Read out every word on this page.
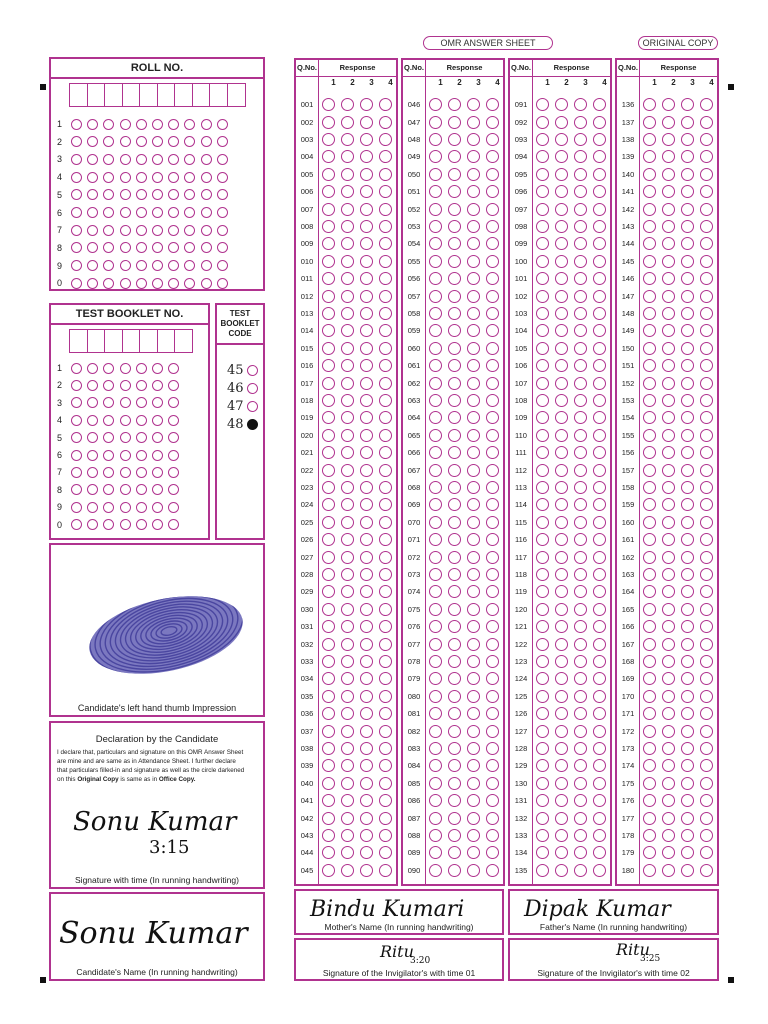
OMR ANSWER SHEET	ORIGINAL COPY
ROLL NO.
1
2
3
4
5
6
7
8
9
0
TEST BOOKLET NO.
1
2
3
4
5
6
7
8
9
0
TEST
BOOKLET
CODE
45
46
47
48
Candidate's left hand thumb Impression
Declaration by the Candidate
I declare that, particulars and signature on this OMR Answer Sheet
are mine and are same as in Attendance Sheet. I further declare
that particulars filled-in and signature as well as the circle darkened
on this Original Copy is same as in Office Copy.
Sonu Kumar
3:15
Signature with time (In running handwriting)
Sonu Kumar
Candidate's Name (In running handwriting)
Q.No.	Response
1	2	3	4
001
002
003
004
005
006
007
008
009
010
011
012
013
014
015
016
017
018
019
020
021
022
023
024
025
026
027
028
029
030
031
032
033
034
035
036
037
038
039
040
041
042
043
044
045
Q.No.	Response
1	2	3	4
046
047
048
049
050
051
052
053
054
055
056
057
058
059
060
061
062
063
064
065
066
067
068
069
070
071
072
073
074
075
076
077
078
079
080
081
082
083
084
085
086
087
088
089
090
Q.No.	Response
1	2	3	4
091
092
093
094
095
096
097
098
099
100
101
102
103
104
105
106
107
108
109
110
111
112
113
114
115
116
117
118
119
120
121
122
123
124
125
126
127
128
129
130
131
132
133
134
135
Q.No.	Response
1	2	3	4
136
137
138
139
140
141
142
143
144
145
146
147
148
149
150
151
152
153
154
155
156
157
158
159
160
161
162
163
164
165
166
167
168
169
170
171
172
173
174
175
176
177
178
179
180
Bindu Kumari
Mother's Name (In running handwriting)
Dipak Kumar
Father's Name (In running handwriting)
Ritu
3:20
Signature of the Invigilator's with time 01
Ritu
3:25
Signature of the Invigilator's with time 02
